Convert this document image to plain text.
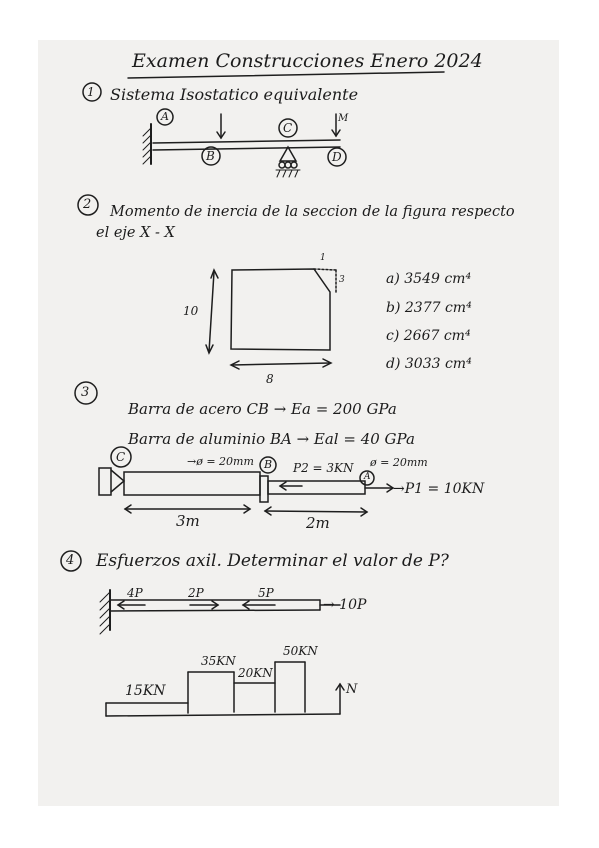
Examen Construcciones Enero 2024
1 Sistema Isostatico equivalente
A
B
C
D
M
2 Momento de inercia de la seccion de la figura respecto
el eje X - X
10
8
1
3	a) 3549 cm⁴
b) 2377 cm⁴
c) 2667 cm⁴
d) 3033 cm⁴
3
Barra de acero CB → Ea = 200 GPa
Barra de aluminio BA → Eal = 40 GPa
C
B
A
→ø = 20mm	ø = 20mm
P2 = 3KN
→P1 = 10KN
3m	2m
4 Esfuerzos axil. Determinar el valor de P?
4P	2P	5P
→ 10P
15KN
35KN
20KN
50KN
N
